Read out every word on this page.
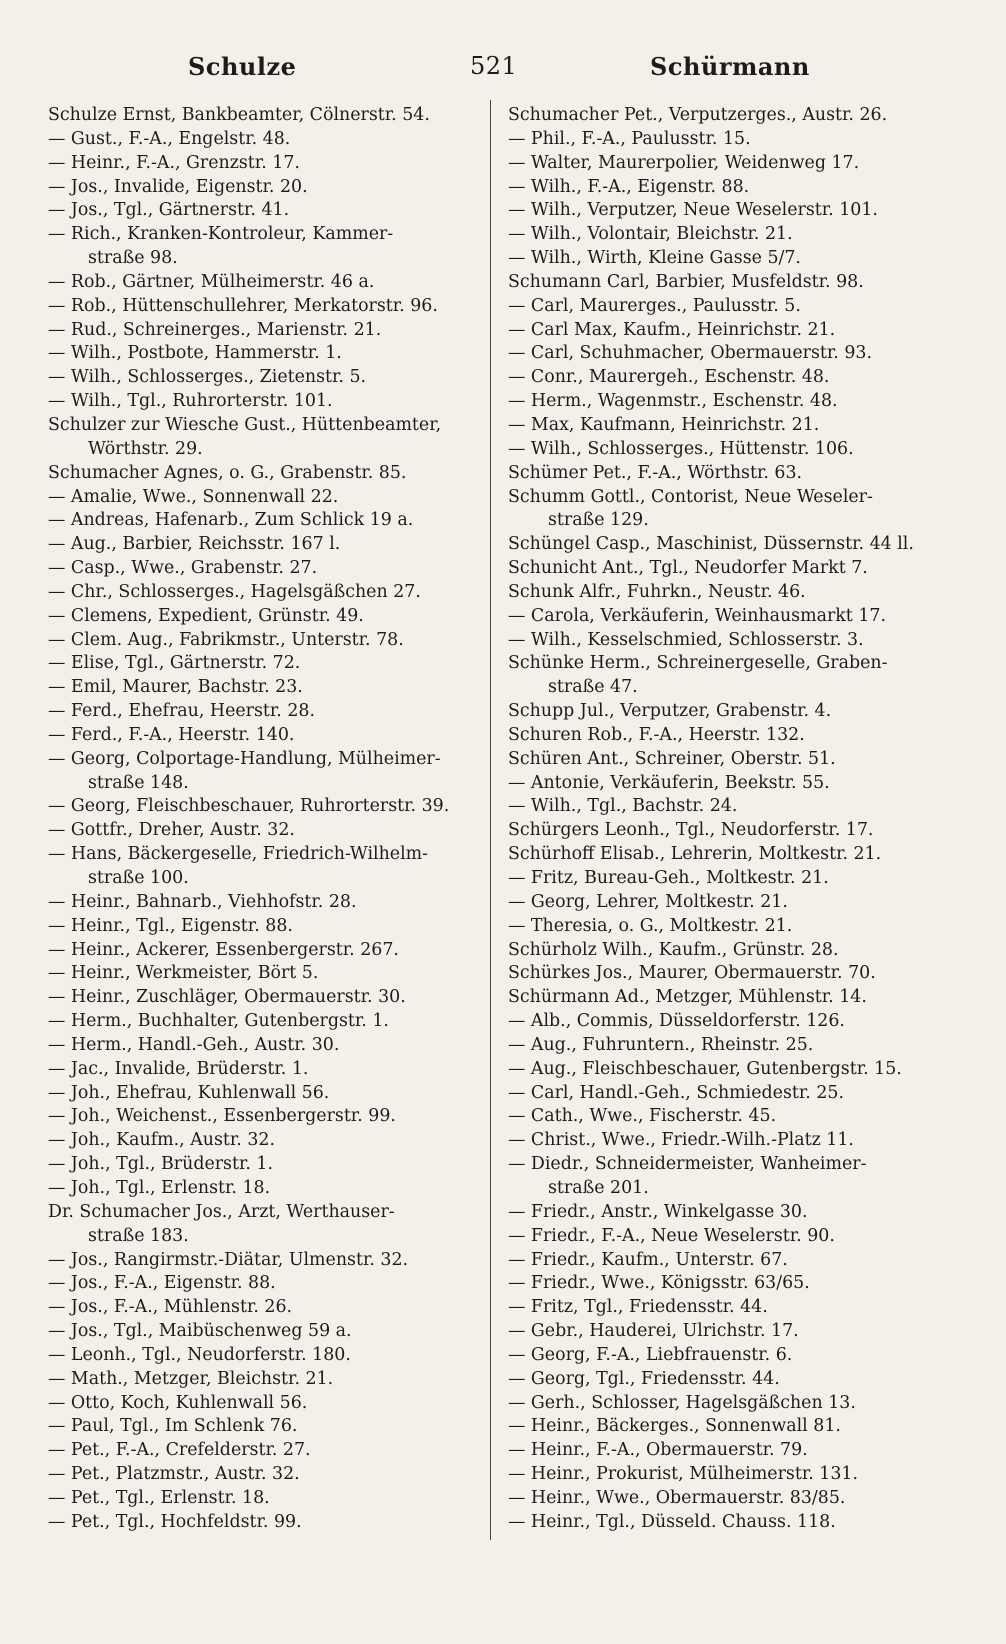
Schulze	521	Schürmann
Schulze Ernst, Bankbeamter, Cölnerstr. 54.
— Gust., F.-A., Engelstr. 48.
— Heinr., F.-A., Grenzstr. 17.
— Jos., Invalide, Eigenstr. 20.
— Jos., Tgl., Gärtnerstr. 41.
— Rich., Kranken-Kontroleur, Kammer-
straße 98.
— Rob., Gärtner, Mülheimerstr. 46 a.
— Rob., Hüttenschullehrer, Merkatorstr. 96.
— Rud., Schreinerges., Marienstr. 21.
— Wilh., Postbote, Hammerstr. 1.
— Wilh., Schlosserges., Zietenstr. 5.
— Wilh., Tgl., Ruhrorterstr. 101.
Schulzer zur Wiesche Gust., Hüttenbeamter,
Wörthstr. 29.
Schumacher Agnes, o. G., Grabenstr. 85.
— Amalie, Wwe., Sonnenwall 22.
— Andreas, Hafenarb., Zum Schlick 19 a.
— Aug., Barbier, Reichsstr. 167 l.
— Casp., Wwe., Grabenstr. 27.
— Chr., Schlosserges., Hagelsgäßchen 27.
— Clemens, Expedient, Grünstr. 49.
— Clem. Aug., Fabrikmstr., Unterstr. 78.
— Elise, Tgl., Gärtnerstr. 72.
— Emil, Maurer, Bachstr. 23.
— Ferd., Ehefrau, Heerstr. 28.
— Ferd., F.-A., Heerstr. 140.
— Georg, Colportage-Handlung, Mülheimer-
straße 148.
— Georg, Fleischbeschauer, Ruhrorterstr. 39.
— Gottfr., Dreher, Austr. 32.
— Hans, Bäckergeselle, Friedrich-Wilhelm-
straße 100.
— Heinr., Bahnarb., Viehhofstr. 28.
— Heinr., Tgl., Eigenstr. 88.
— Heinr., Ackerer, Essenbergerstr. 267.
— Heinr., Werkmeister, Bört 5.
— Heinr., Zuschläger, Obermauerstr. 30.
— Herm., Buchhalter, Gutenbergstr. 1.
— Herm., Handl.-Geh., Austr. 30.
— Jac., Invalide, Brüderstr. 1.
— Joh., Ehefrau, Kuhlenwall 56.
— Joh., Weichenst., Essenbergerstr. 99.
— Joh., Kaufm., Austr. 32.
— Joh., Tgl., Brüderstr. 1.
— Joh., Tgl., Erlenstr. 18.
Dr. Schumacher Jos., Arzt, Werthauser-
straße 183.
— Jos., Rangirmstr.-Diätar, Ulmenstr. 32.
— Jos., F.-A., Eigenstr. 88.
— Jos., F.-A., Mühlenstr. 26.
— Jos., Tgl., Maibüschenweg 59 a.
— Leonh., Tgl., Neudorferstr. 180.
— Math., Metzger, Bleichstr. 21.
— Otto, Koch, Kuhlenwall 56.
— Paul, Tgl., Im Schlenk 76.
— Pet., F.-A., Crefelderstr. 27.
— Pet., Platzmstr., Austr. 32.
— Pet., Tgl., Erlenstr. 18.
— Pet., Tgl., Hochfeldstr. 99.
Schumacher Pet., Verputzerges., Austr. 26.
— Phil., F.-A., Paulusstr. 15.
— Walter, Maurerpolier, Weidenweg 17.
— Wilh., F.-A., Eigenstr. 88.
— Wilh., Verputzer, Neue Weselerstr. 101.
— Wilh., Volontair, Bleichstr. 21.
— Wilh., Wirth, Kleine Gasse 5/7.
Schumann Carl, Barbier, Musfeldstr. 98.
— Carl, Maurerges., Paulusstr. 5.
— Carl Max, Kaufm., Heinrichstr. 21.
— Carl, Schuhmacher, Obermauerstr. 93.
— Conr., Maurergeh., Eschenstr. 48.
— Herm., Wagenmstr., Eschenstr. 48.
— Max, Kaufmann, Heinrichstr. 21.
— Wilh., Schlosserges., Hüttenstr. 106.
Schümer Pet., F.-A., Wörthstr. 63.
Schumm Gottl., Contorist, Neue Weseler-
straße 129.
Schüngel Casp., Maschinist, Düssernstr. 44 ll.
Schunicht Ant., Tgl., Neudorfer Markt 7.
Schunk Alfr., Fuhrkn., Neustr. 46.
— Carola, Verkäuferin, Weinhausmarkt 17.
— Wilh., Kesselschmied, Schlosserstr. 3.
Schünke Herm., Schreinergeselle, Graben-
straße 47.
Schupp Jul., Verputzer, Grabenstr. 4.
Schuren Rob., F.-A., Heerstr. 132.
Schüren Ant., Schreiner, Oberstr. 51.
— Antonie, Verkäuferin, Beekstr. 55.
— Wilh., Tgl., Bachstr. 24.
Schürgers Leonh., Tgl., Neudorferstr. 17.
Schürhoff Elisab., Lehrerin, Moltkestr. 21.
— Fritz, Bureau-Geh., Moltkestr. 21.
— Georg, Lehrer, Moltkestr. 21.
— Theresia, o. G., Moltkestr. 21.
Schürholz Wilh., Kaufm., Grünstr. 28.
Schürkes Jos., Maurer, Obermauerstr. 70.
Schürmann Ad., Metzger, Mühlenstr. 14.
— Alb., Commis, Düsseldorferstr. 126.
— Aug., Fuhruntern., Rheinstr. 25.
— Aug., Fleischbeschauer, Gutenbergstr. 15.
— Carl, Handl.-Geh., Schmiedestr. 25.
— Cath., Wwe., Fischerstr. 45.
— Christ., Wwe., Friedr.-Wilh.-Platz 11.
— Diedr., Schneidermeister, Wanheimer-
straße 201.
— Friedr., Anstr., Winkelgasse 30.
— Friedr., F.-A., Neue Weselerstr. 90.
— Friedr., Kaufm., Unterstr. 67.
— Friedr., Wwe., Königsstr. 63/65.
— Fritz, Tgl., Friedensstr. 44.
— Gebr., Hauderei, Ulrichstr. 17.
— Georg, F.-A., Liebfrauenstr. 6.
— Georg, Tgl., Friedensstr. 44.
— Gerh., Schlosser, Hagelsgäßchen 13.
— Heinr., Bäckerges., Sonnenwall 81.
— Heinr., F.-A., Obermauerstr. 79.
— Heinr., Prokurist, Mülheimerstr. 131.
— Heinr., Wwe., Obermauerstr. 83/85.
— Heinr., Tgl., Düsseld. Chauss. 118.
